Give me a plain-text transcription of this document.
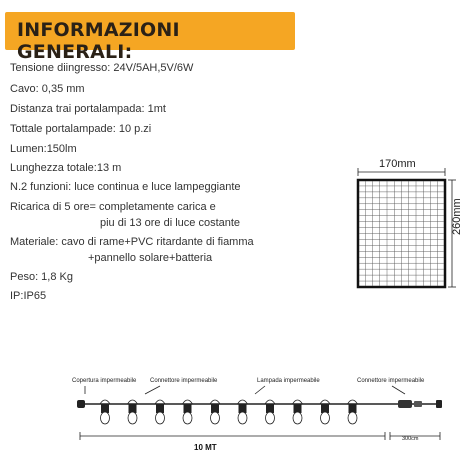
INFORMAZIONI GENERALI:
Tensione diingresso: 24V/5AH,5V/6W
Cavo: 0,35 mm
Distanza trai portalampada: 1mt
Tottale portalampade: 10 p.zi
Lumen:150lm
Lunghezza totale:13 m
N.2 funzioni: luce continua e luce lampeggiante
Ricarica di 5 ore= completamente carica e
piu di 13 ore di luce costante
Materiale: cavo di rame+PVC ritardante di fiamma
+pannello solare+batteria
Peso: 1,8 Kg
IP:IP65
170mm
260mm
Copertura impermeabile Connettore impermeabile	Lampada impermeabile	Connettore impermeabile
10 MT
300cm
